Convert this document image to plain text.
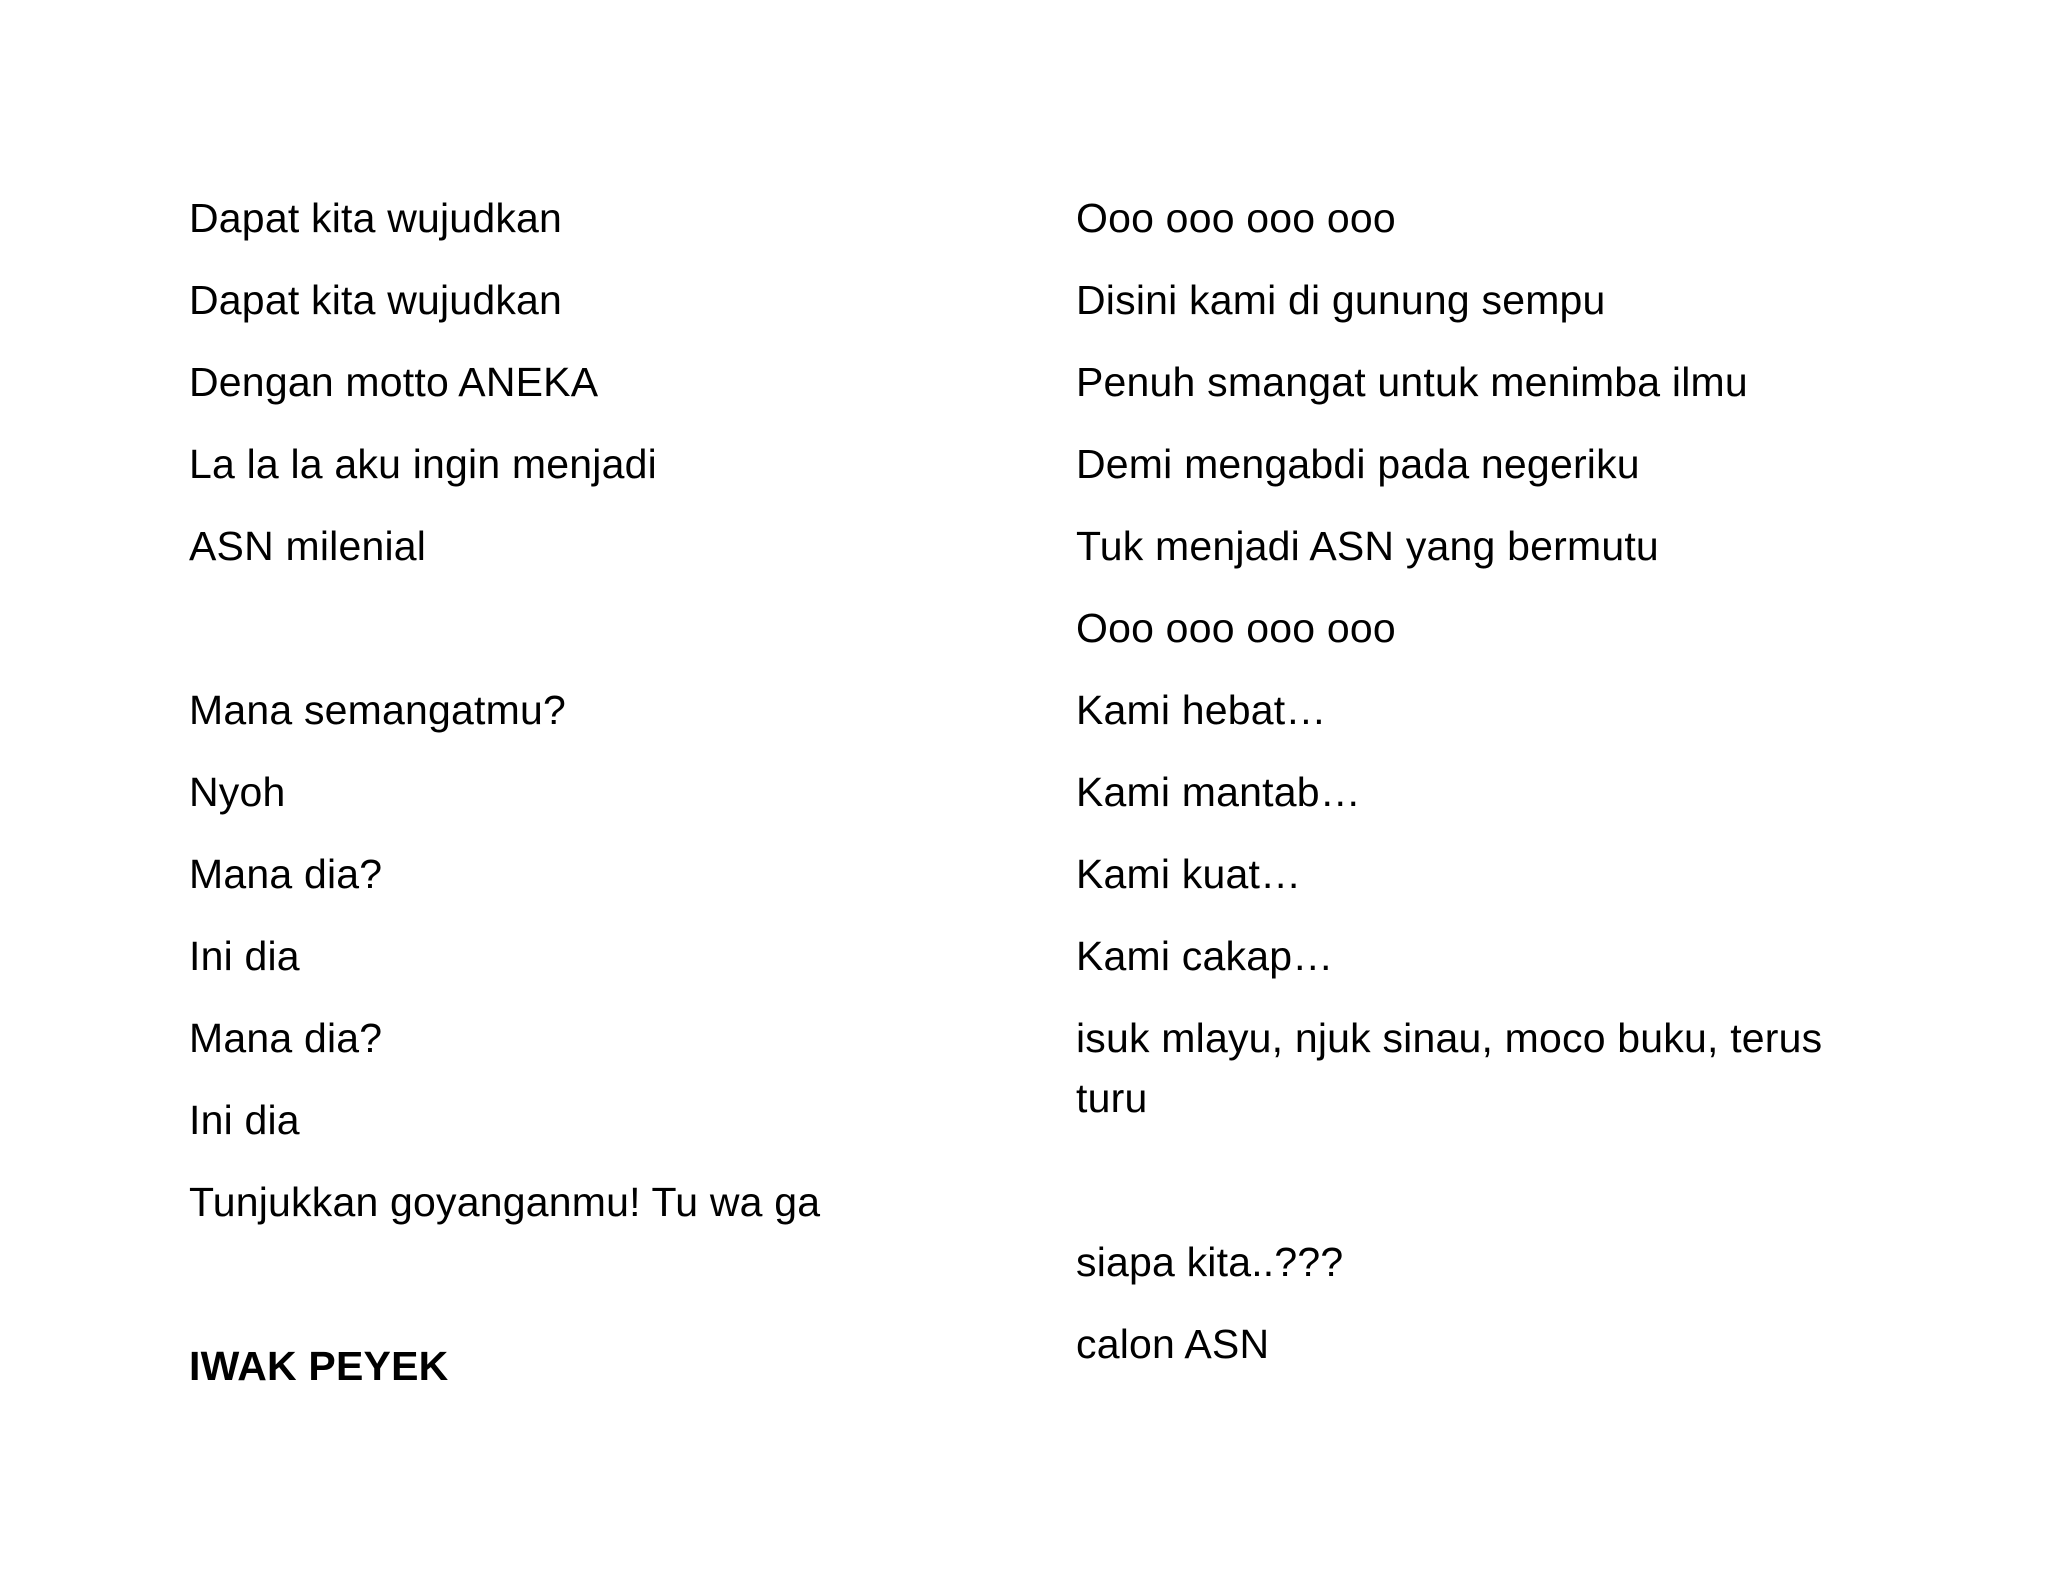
Dapat kita wujudkan
Dapat kita wujudkan
Dengan motto ANEKA
La la la aku ingin menjadi
ASN milenial
Mana semangatmu?
Nyoh
Mana dia?
Ini dia
Mana dia?
Ini dia
Tunjukkan goyanganmu! Tu wa ga
IWAK PEYEK
Ooo ooo ooo ooo
Disini kami di gunung sempu
Penuh smangat untuk menimba ilmu
Demi mengabdi pada negeriku
Tuk menjadi ASN yang bermutu
Ooo ooo ooo ooo
Kami hebat…
Kami mantab…
Kami kuat…
Kami cakap…
isuk mlayu, njuk sinau, moco buku, terus turu
siapa kita..???
calon ASN
